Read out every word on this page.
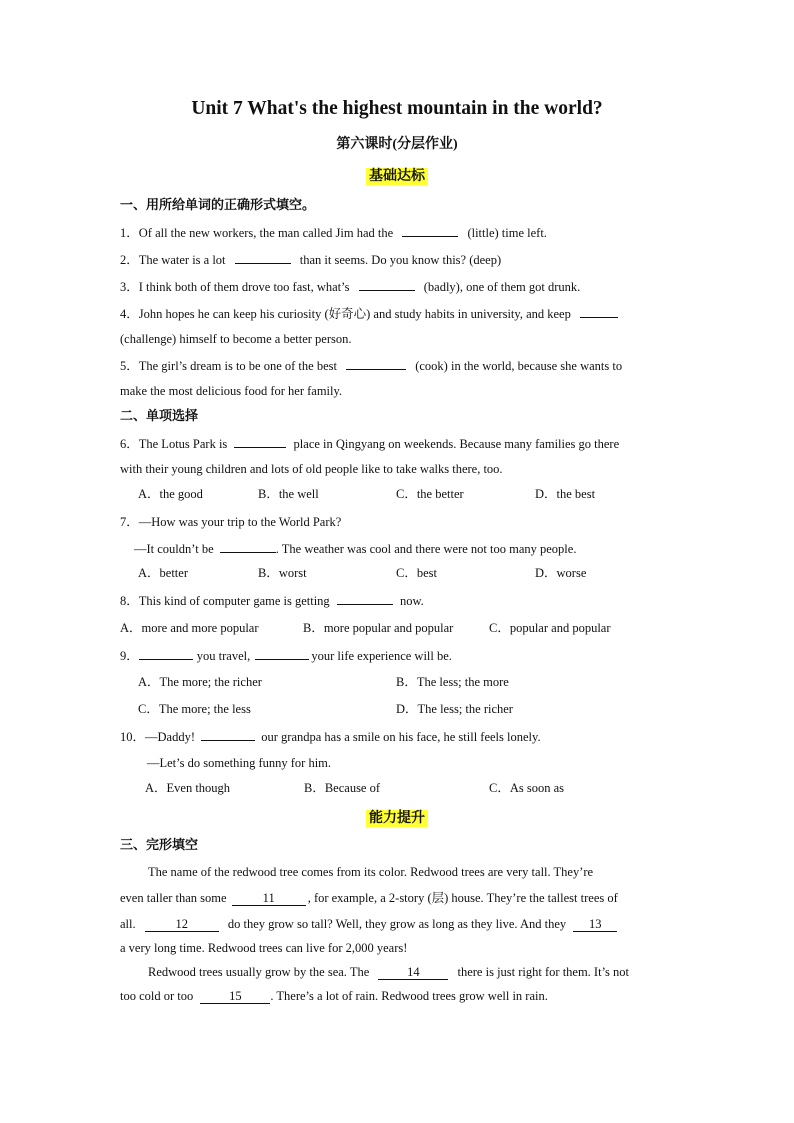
Unit 7 What's the highest mountain in the world?
第六课时(分层作业)
基础达标
一、用所给单词的正确形式填空。
1．Of all the new workers, the man called Jim had the	(little) time left.
2．The water is a lot	than it seems. Do you know this? (deep)
3．I think both of them drove too fast, what’s	(badly), one of them got drunk.
4．John hopes he can keep his curiosity (好奇心) and study habits in university, and keep
(challenge) himself to become a better person.
5．The girl’s dream is to be one of the best	(cook) in the world, because she wants to
make the most delicious food for her family.
二、单项选择
6．The Lotus Park is	place in Qingyang on weekends. Because many families go there
with their young children and lots of old people like to take walks there, too.
A．the good	B．the well	C．the better	D．the best
7．—How was your trip to the World Park?
—It couldn’t be	. The weather was cool and there were not too many people.
A．better	B．worst	C．best	D．worse
8．This kind of computer game is getting	now.
A．more and more popular	B．more popular and popular	C．popular and popular
9．	you travel,	your life experience will be.
A．The more; the richer	B．The less; the more
C．The more; the less	D．The less; the richer
10．—Daddy!	our grandpa has a smile on his face, he still feels lonely.
—Let’s do something funny for him.
A．Even though	B．Because of	C．As soon as
能力提升
三、完形填空
The name of the redwood tree comes from its color. Redwood trees are very tall. They’re
even taller than some	11	, for example, a 2-story (层) house. They’re the tallest trees of
all.	12	do they grow so tall? Well, they grow as long as they live. And they 13
a very long time. Redwood trees can live for 2,000 years!
Redwood trees usually grow by the sea. The	14	there is just right for them. It’s not
too cold or too	15 . There’s a lot of rain. Redwood trees grow well in rain.
